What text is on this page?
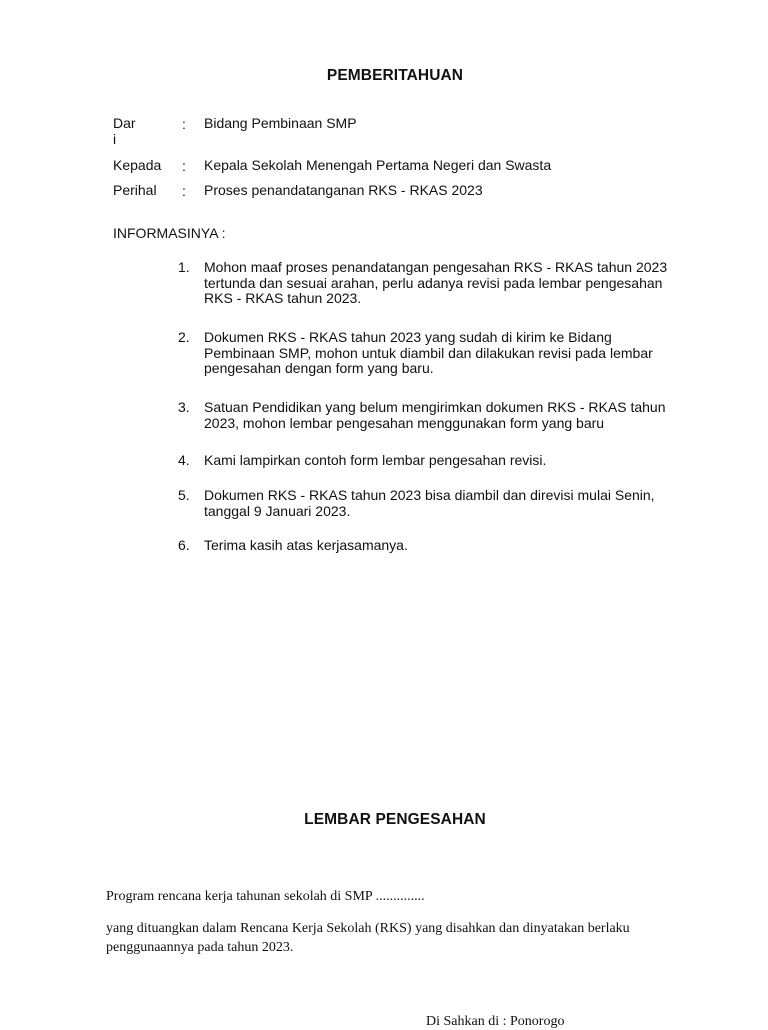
PEMBERITAHUAN
Dar i
: Bidang Pembinaan SMP
Kepada : Kepala Sekolah Menengah Pertama Negeri dan Swasta
Perihal	: Proses penandatanganan RKS - RKAS 2023
INFORMASINYA :
1. Mohon maaf proses penandatangan pengesahan RKS - RKAS tahun 2023 tertunda dan sesuai arahan, perlu adanya revisi pada lembar pengesahan RKS - RKAS tahun 2023.
2. Dokumen RKS - RKAS tahun 2023 yang sudah di kirim ke Bidang Pembinaan SMP, mohon untuk diambil dan dilakukan revisi pada lembar pengesahan dengan form yang baru.
3. Satuan Pendidikan yang belum mengirimkan dokumen RKS - RKAS tahun 2023, mohon lembar pengesahan menggunakan form yang baru
4. Kami lampirkan contoh form lembar pengesahan revisi.
5. Dokumen RKS - RKAS tahun 2023 bisa diambil dan direvisi mulai Senin, tanggal 9 Januari 2023.
6. Terima kasih atas kerjasamanya.
LEMBAR PENGESAHAN
Program rencana kerja tahunan sekolah di SMP ..............
yang dituangkan dalam Rencana Kerja Sekolah (RKS) yang disahkan dan dinyatakan berlaku penggunaannya pada tahun 2023.
Di Sahkan di : Ponorogo
